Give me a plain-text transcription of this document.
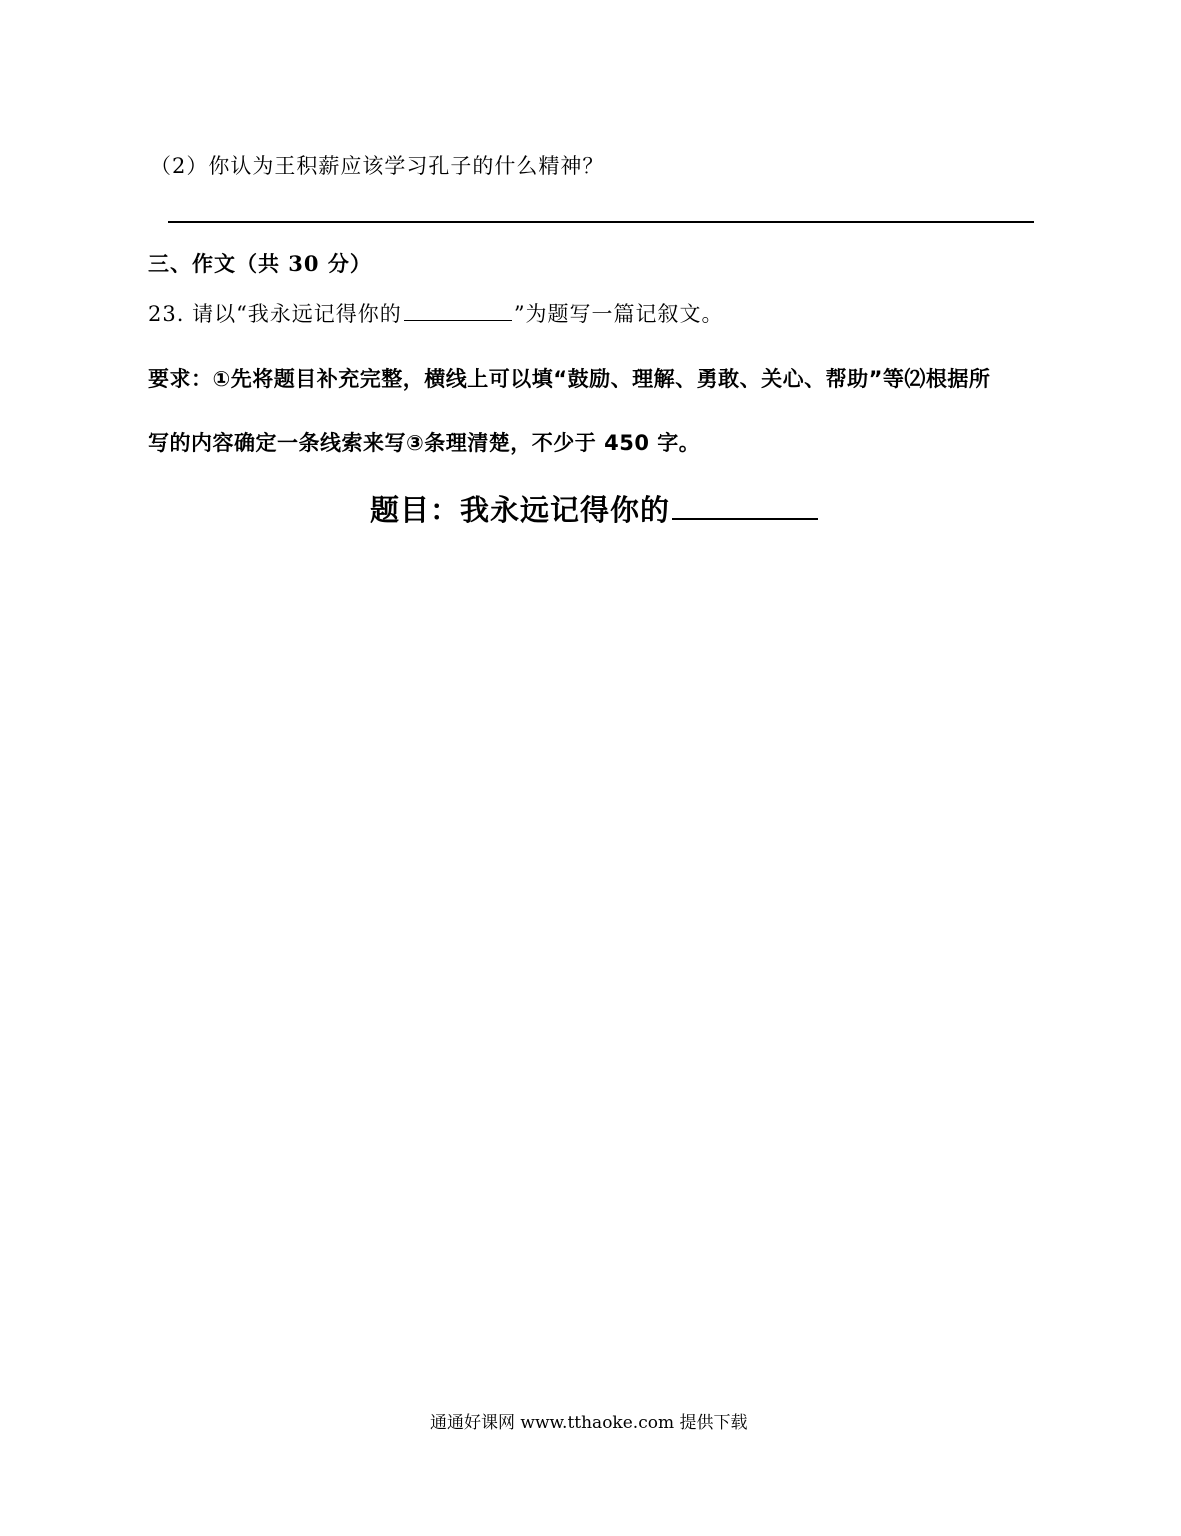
（2）你认为王积薪应该学习孔子的什么精神？
三、作文（共 30 分）
23. 请以“我永远记得你的	”为题写一篇记叙文。
要求：①先将题目补充完整，横线上可以填“鼓励、理解、勇敢、关心、帮助”等⑵根据所
写的内容确定一条线索来写③条理清楚，不少于 450 字。
题目：我永远记得你的
通通好课网 www.tthaoke.com 提供下载
